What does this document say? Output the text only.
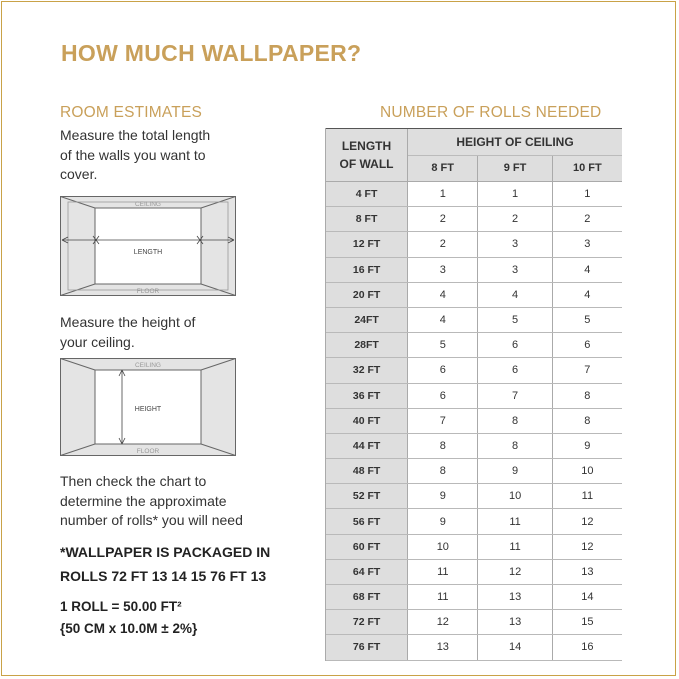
HOW MUCH WALLPAPER?
ROOM ESTIMATES
Measure the total length
of the walls you want to
cover.
CEILING
FLOOR
LENGTH
Measure the height of
your ceiling.
CEILING
FLOOR
HEIGHT
Then check the chart to
determine the approximate
number of rolls* you will need
*WALLPAPER IS PACKAGED IN
ROLLS 72 FT 13 14 15 76 FT 13
1 ROLL = 50.00 FT²
{50 CM x 10.0M ± 2%}
NUMBER OF ROLLS NEEDED
LENGTH
OF WALL
HEIGHT OF CEILING
8 FT	9 FT	10 FT
4 FT	1	1	1
8 FT	2	2	2
12 FT	2	3	3
16 FT	3	3	4
20 FT	4	4	4
24FT	4	5	5
28FT	5	6	6
32 FT	6	6	7
36 FT	6	7	8
40 FT	7	8	8
44 FT	8	8	9
48 FT	8	9	10
52 FT	9	10	11
56 FT	9	11	12
60 FT	10	11	12
64 FT	11	12	13
68 FT	11	13	14
72 FT	12	13	15
76 FT	13	14	16
